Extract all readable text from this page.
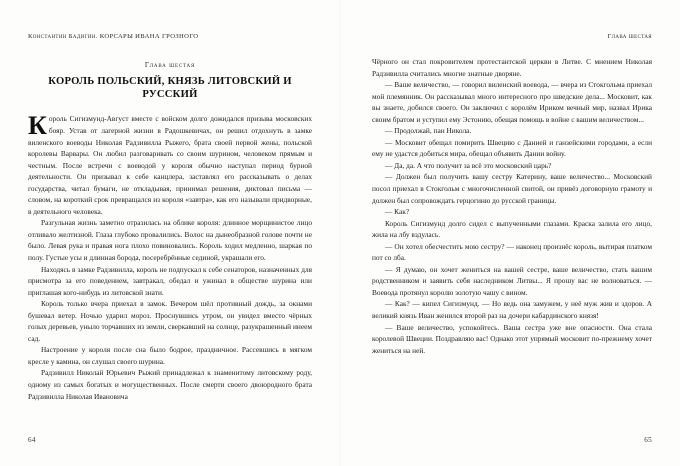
Константин Бадигин. КОРСАРЫ ИВАНА ГРОЗНОГО
Глава шестая
КОРОЛЬ ПОЛЬСКИЙ, КНЯЗЬ ЛИТОВСКИЙ И РУССКИЙ

Король Сигизмунд-Август вместе с войском долго дожидался призыва московских бояр. Устав от лагерной жизни в Радошкевичах, он решил отдохнуть в замке виленского воеводы Николая Радзивилла Рыжего, брата своей первой жены, польской королевы Варвары. Он любил разговаривать со своим шурином, человеком прямым и честным. После встречи с воеводой у короля обычно наступал период бурной деятельности. Он призывал к себе канцлера, заставлял его рассказывать о делах государства, читал бумаги, не откладывая, принимал решения, диктовал письма — словом, на короткий срок превращался из короля «завтра», как его называли придворные, в деятельного человека.

Разгульная жизнь заметно отразилась на облике короля: длинное морщинистое лицо отливало желтизной. Глаза глубоко провалились. Волос на дынеобразной голове почти не было. Левая рука и правая нога плохо повиновались. Король ходил медленно, шаркая по полу. Густые усы и длинная борода, посеребрённые сединой, украшали его.

Находясь в замке Радзивилла, король не подпускал к себе сенаторов, назначенных для присмотра за его поведением, завтракал, обедал и ужинал в обществе шурина или приглашая кого-нибудь из литовской знати.

Король только вчера приехал в замок. Вечером шёл противный дождь, за окнами бушевал ветер. Ночью ударил мороз. Проснувшись утром, он увидел вместо чёрных голых деревьев, уныло торчавших из земли, сверкавший на солнце, разукрашенный инеем сад.

Настроение у короля после сна было бодрое, праздничное. Рассевшись в мягком кресле у камина, он слушал своего шурина.

Радзивилл Николай Юрьевич Рыжий принадлежал к знаменитому литовскому роду, одному из самых богатых и могущественных. После смерти своего двоюродного брата Радзивилла Николая Ивановича

64
Глава шестая

Чёрного он стал покровителем протестантской церкви в Литве. С мнением Николая Радзивилла считались многие знатные дворяне.

— Ваше величество, — говорил виленский воевода, — вчера из Стокгольма приехал мой племянник. Он рассказывал много интересного про шведские дела... Московит, как вы знаете, добился своего. Он заключил с королём Ириком вечный мир, назвал Ирика своим братом и уступил ему Эстонию, обещая помощь в войне с вашим величеством...

— Продолжай, пан Никола.

— Московит обещал помирить Швецию с Данией и ганзейскими городами, а если ему не удастся добиться мира, обещал объявить Дании войну.

— Да, да. А что получит за всё это московский царь?

— Должен был получить вашу сестру Катерину, ваше величество... Московский посол приехал в Стокгольм с многочисленной свитой, он привёз договорную грамоту и должен был сопровождать герцогиню до русской границы.

— Как?

Король Сигизмунд долго сидел с выпученными глазами. Краска залила его лицо, жила на лбу вздулась.

— Он хотел обесчестить мою сестру? — наконец произнёс король, вытирая платком пот со лба.

— Я думаю, он хочет жениться на вашей сестре, ваше величество, стать вашим родственником и заявить себя наследником Литвы... Я прошу вас не волноваться. — Воевода протянул королю золотую чашу с вином.

— Как? — кипел Сигизмунд. — Но ведь она замужем, у неё муж жив и здоров. А великий князь Иван женился второй раз на дочери кабардинского князя!

— Ваше величество, успокойтесь. Ваша сестра уже вне опасности. Она стала королевой Швеции. Поздравляю вас! Однако этот упрямый московит по-прежнему хочет жениться на ней.

65
